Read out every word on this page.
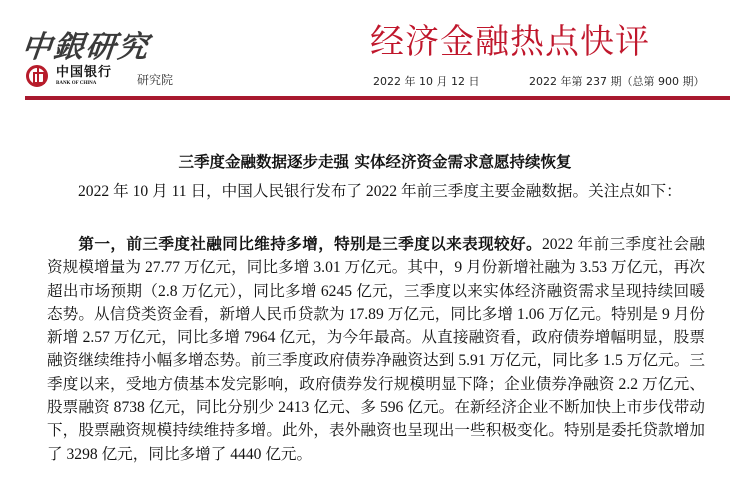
中銀研究	经济金融热点快评
中国银行
BANK OF CHINA	研究院	2022 年 10 月 12 日	2022 年第 237 期（总第 900 期）
三季度金融数据逐步走强 实体经济资金需求意愿持续恢复

2022 年 10 月 11 日，中国人民银行发布了 2022 年前三季度主要金融数据。关注点如下：

第一，前三季度社融同比维持多增，特别是三季度以来表现较好。2022 年前三季度社会融资规模增量为 27.77 万亿元，同比多增 3.01 万亿元。其中，9 月份新增社融为 3.53 万亿元，再次超出市场预期（2.8 万亿元），同比多增 6245 亿元，三季度以来实体经济融资需求呈现持续回暖态势。从信贷类资金看，新增人民币贷款为 17.89 万亿元，同比多增 1.06 万亿元。特别是 9 月份新增 2.57 万亿元，同比多增 7964 亿元，为今年最高。从直接融资看，政府债券增幅明显，股票融资继续维持小幅多增态势。前三季度政府债券净融资达到 5.91 万亿元，同比多 1.5 万亿元。三季度以来，受地方债基本发完影响，政府债券发行规模明显下降；企业债券净融资 2.2 万亿元、股票融资 8738 亿元，同比分别少 2413 亿元、多 596 亿元。在新经济企业不断加快上市步伐带动下，股票融资规模持续维持多增。此外，表外融资也呈现出一些积极变化。特别是委托贷款增加了 3298 亿元，同比多增了 4440 亿元。
